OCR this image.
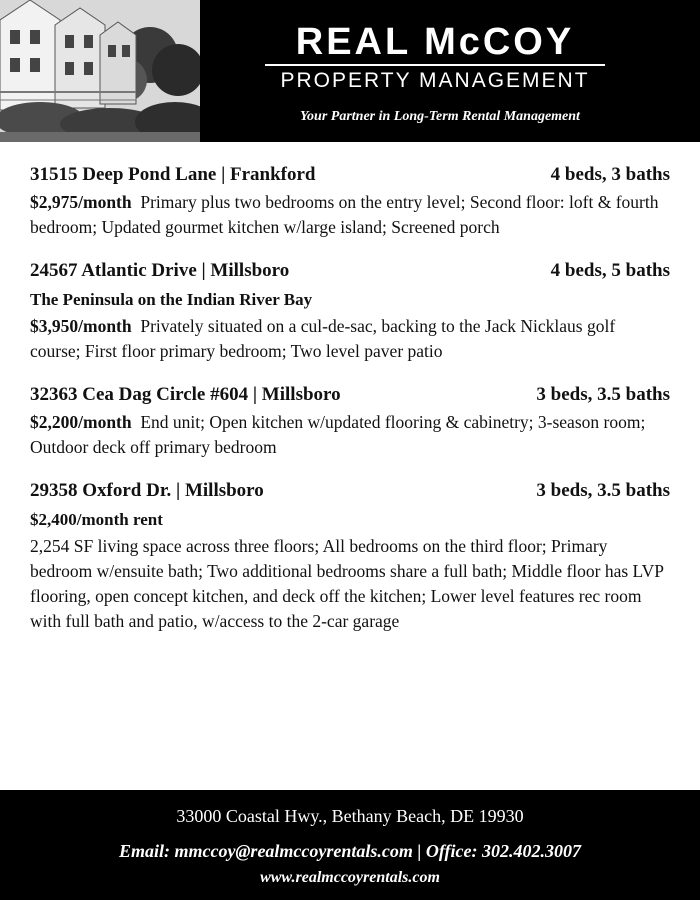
REAL McCOY
PROPERTY MANAGEMENT
Your Partner in Long-Term Rental Management
31515 Deep Pond Lane | Frankford	4 beds, 3 baths
$2,975/month Primary plus two bedrooms on the entry level; Second floor: loft & fourth bedroom; Updated gourmet kitchen w/large island; Screened porch
24567 Atlantic Drive | Millsboro	4 beds, 5 baths
The Peninsula on the Indian River Bay
$3,950/month Privately situated on a cul-de-sac, backing to the Jack Nicklaus golf course; First floor primary bedroom; Two level paver patio
32363 Cea Dag Circle #604 | Millsboro	3 beds, 3.5 baths
$2,200/month End unit; Open kitchen w/updated flooring & cabinetry; 3-season room; Outdoor deck off primary bedroom
29358 Oxford Dr. | Millsboro	3 beds, 3.5 baths
$2,400/month rent
2,254 SF living space across three floors; All bedrooms on the third floor; Primary bedroom w/ensuite bath; Two additional bedrooms share a full bath; Middle floor has LVP flooring, open concept kitchen, and deck off the kitchen; Lower level features rec room with full bath and patio, w/access to the 2-car garage
33000 Coastal Hwy., Bethany Beach, DE 19930
Email: mmccoy@realmccoyrentals.com | Office: 302.402.3007
www.realmccoyrentals.com
